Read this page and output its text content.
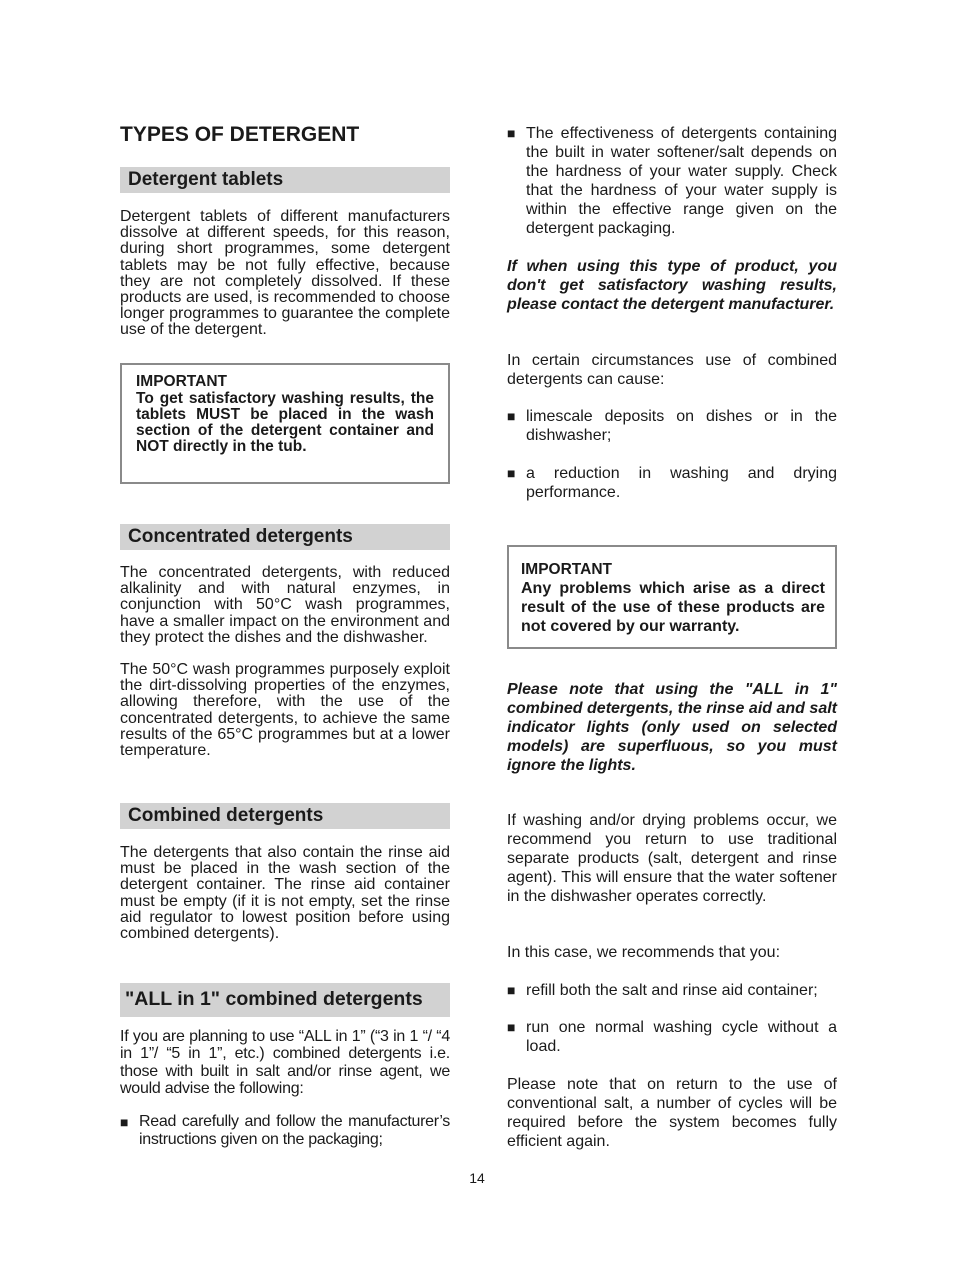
TYPES OF DETERGENT
Detergent tablets

Detergent tablets of different manufacturers dissolve at different speeds, for this reason, during short programmes, some detergent tablets may be not fully effective, because they are not completely dissolved. If these products are used, is recommended to choose longer programmes to guarantee the complete use of the detergent.

IMPORTANT
To get satisfactory washing results, the tablets MUST be placed in the wash section of the detergent container and NOT directly in the tub.
Concentrated detergents

The concentrated detergents, with reduced alkalinity and with natural enzymes, in conjunction with 50°C wash programmes, have a smaller impact on the environment and they protect the dishes and the dishwasher.

The 50°C wash programmes purposely exploit the dirt-dissolving properties of the enzymes, allowing therefore, with the use of the concentrated detergents, to achieve the same results of the 65°C programmes but at a lower temperature.

Combined detergents

The detergents that also contain the rinse aid must be placed in the wash section of the detergent container. The rinse aid container must be empty (if it is not empty, set the rinse aid regulator to lowest position before using combined detergents).

"ALL in 1" combined detergents

If you are planning to use “ALL in 1” (“3 in 1 “/ “4 in 1”/ “5 in 1”, etc.) combined detergents i.e. those with built in salt and/or rinse agent, we would advise the following:

■ Read carefully and follow the manufacturer’s instructions given on the packaging;
■ The effectiveness of detergents containing the built in water softener/salt depends on the hardness of your water supply. Check that the hardness of your water supply is within the effective range given on the detergent packaging.

If when using this type of product, you don't get satisfactory washing results, please contact the detergent manufacturer.

In certain circumstances use of combined detergents can cause:

■ limescale deposits on dishes or in the dishwasher;
■ a reduction in washing and drying performance.
IMPORTANT
Any problems which arise as a direct result of the use of these products are not covered by our warranty.

Please note that using the "ALL in 1" combined detergents, the rinse aid and salt indicator lights (only used on selected models) are superfluous, so you must ignore the lights.

If washing and/or drying problems occur, we recommend you return to use traditional separate products (salt, detergent and rinse agent). This will ensure that the water softener in the dishwasher operates correctly.

In this case, we recommends that you:

■ refill both the salt and rinse aid container;
■ run one normal washing cycle without a load.

Please note that on return to the use of conventional salt, a number of cycles will be required before the system becomes fully efficient again.

14
